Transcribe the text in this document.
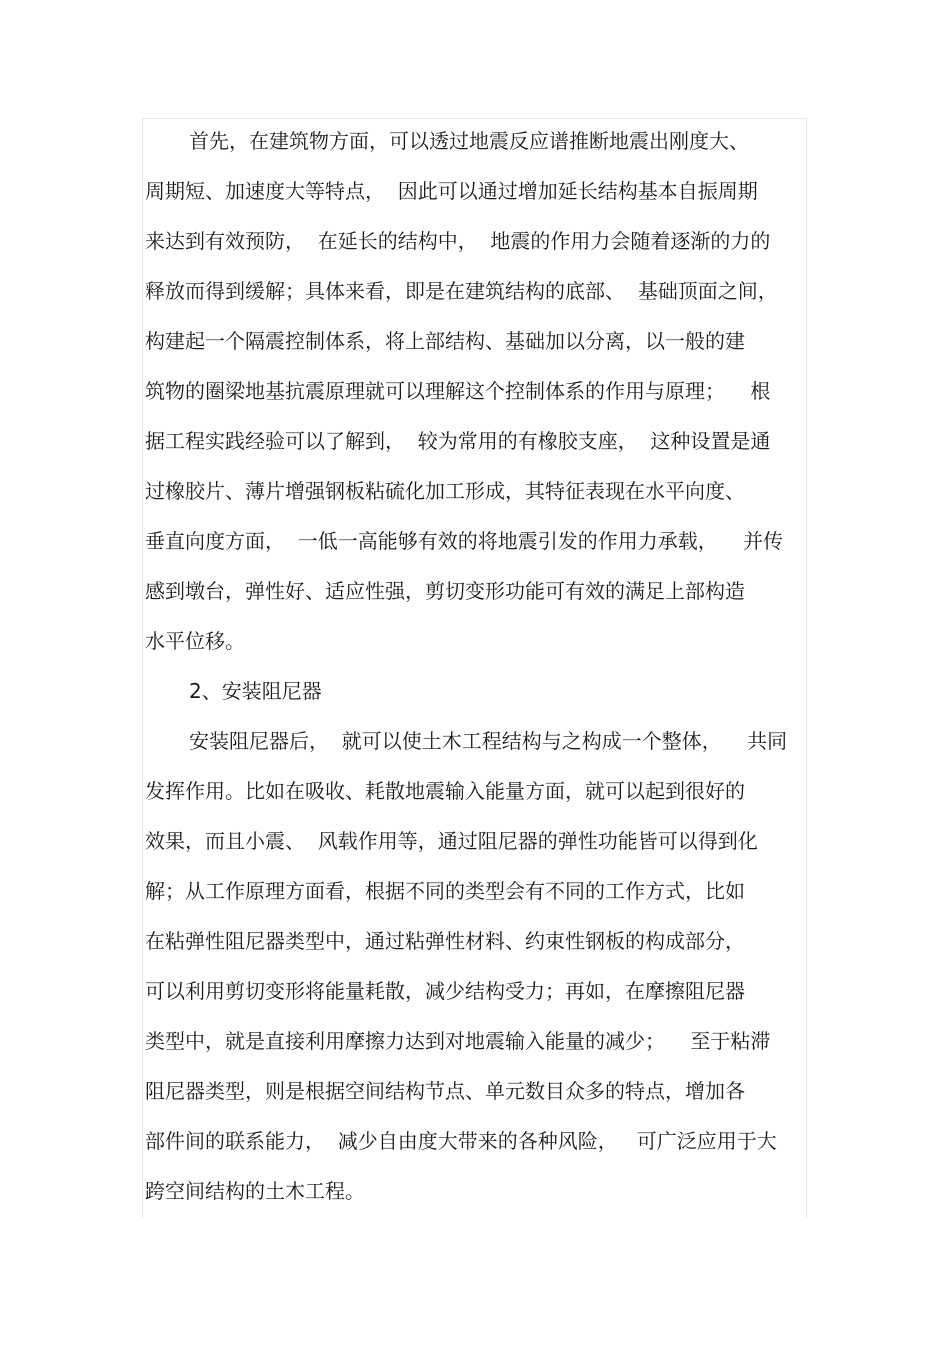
首先，在建筑物方面，可以透过地震反应谱推断地震出刚度大、
周期短、加速度大等特点，  因此可以通过增加延长结构基本自振周期
来达到有效预防，  在延长的结构中，  地震的作用力会随着逐渐的力的
释放而得到缓解；具体来看，即是在建筑结构的底部、  基础顶面之间，
构建起一个隔震控制体系，将上部结构、基础加以分离，以一般的建
筑物的圈梁地基抗震原理就可以理解这个控制体系的作用与原理；    根
据工程实践经验可以了解到，  较为常用的有橡胶支座，  这种设置是通
过橡胶片、薄片增强钢板粘硫化加工形成，其特征表现在水平向度、
垂直向度方面，  一低一高能够有效的将地震引发的作用力承载，    并传
感到墩台，弹性好、适应性强，剪切变形功能可有效的满足上部构造
水平位移。
2、安装阻尼器
安装阻尼器后，  就可以使土木工程结构与之构成一个整体，    共同
发挥作用。比如在吸收、耗散地震输入能量方面，就可以起到很好的
效果，而且小震、  风载作用等，通过阻尼器的弹性功能皆可以得到化
解；从工作原理方面看，根据不同的类型会有不同的工作方式，比如
在粘弹性阻尼器类型中，通过粘弹性材料、约束性钢板的构成部分，
可以利用剪切变形将能量耗散，减少结构受力；再如，在摩擦阻尼器
类型中，就是直接利用摩擦力达到对地震输入能量的减少；    至于粘滞
阻尼器类型，则是根据空间结构节点、单元数目众多的特点，增加各
部件间的联系能力，  减少自由度大带来的各种风险，   可广泛应用于大
跨空间结构的土木工程。
